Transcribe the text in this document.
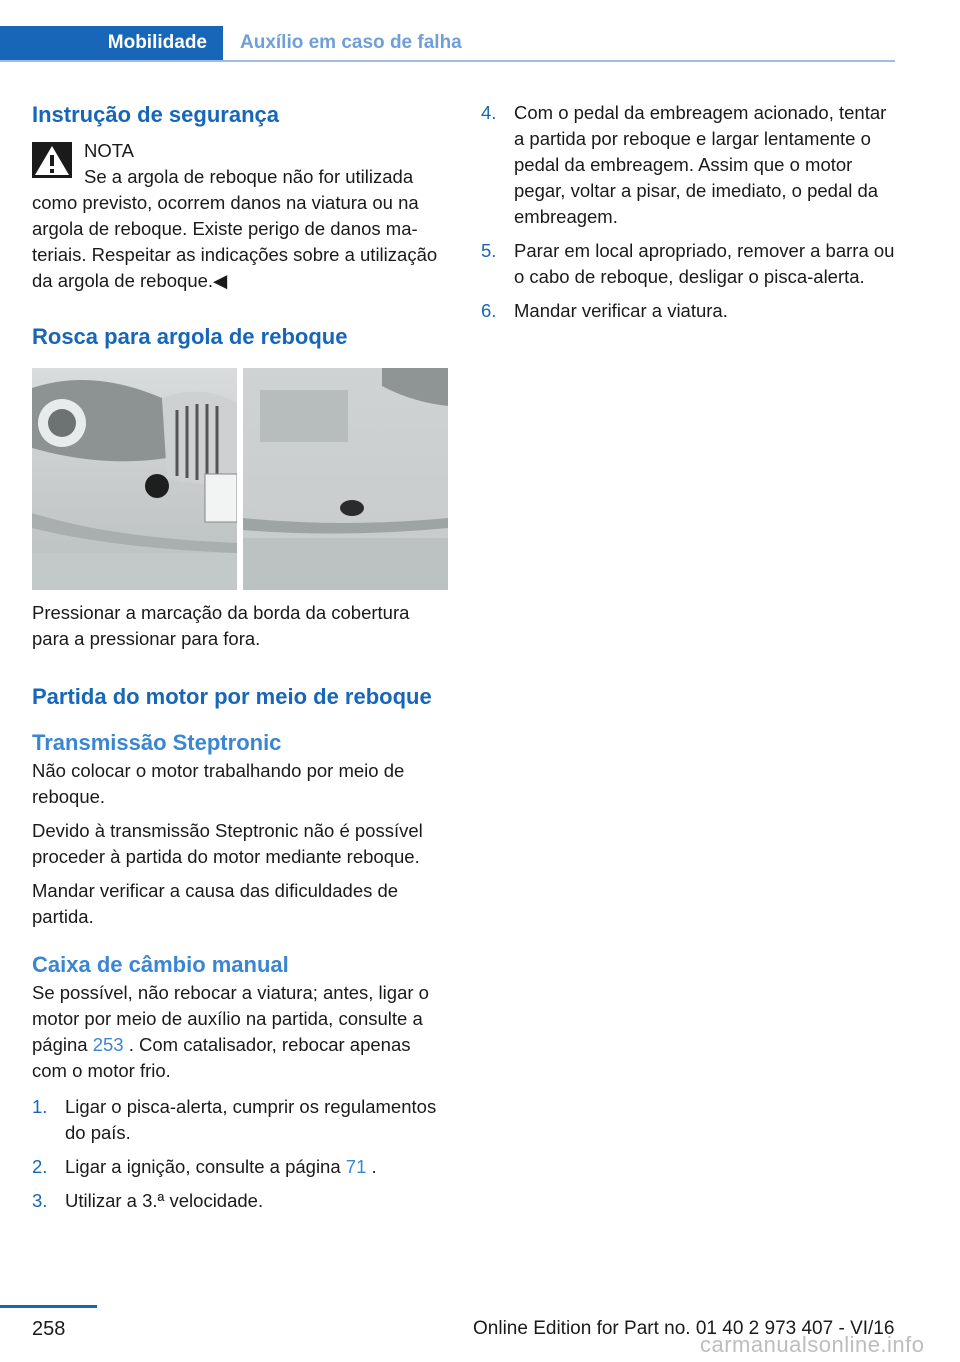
Mobilidade Auxílio em caso de falha
Instrução de segurança
NOTA
Se a argola de reboque não for utilizada

como previsto, ocorrem danos na viatura ou na argola de reboque. Existe perigo de danos materiais. Respeitar as indicações sobre a utilização da argola de reboque.◀

Rosca para argola de reboque

Pressionar a marcação da borda da cobertura para a pressionar para fora.

Partida do motor por meio de reboque
Transmissão Steptronic

Não colocar o motor trabalhando por meio de reboque.

Devido à transmissão Steptronic não é possível proceder à partida do motor mediante reboque.

Mandar verificar a causa das dificuldades de partida.

Caixa de câmbio manual

Se possível, não rebocar a viatura; antes, ligar o motor por meio de auxílio na partida, consulte a página 253 . Com catalisador, rebocar apenas com o motor frio.

1. Ligar o pisca-alerta, cumprir os regulamentos do país.
2. Ligar a ignição, consulte a página 71 .
3. Utilizar a 3.ª velocidade.
4. Com o pedal da embreagem acionado, tentar a partida por reboque e largar lentamente o pedal da embreagem. Assim que o motor pegar, voltar a pisar, de imediato, o pedal da embreagem.
5. Parar em local apropriado, remover a barra ou o cabo de reboque, desligar o pisca-alerta.
6. Mandar verificar a viatura.
258	Online Edition for Part no. 01 40 2 973 407 - VI/16
carmanualsonline.info
